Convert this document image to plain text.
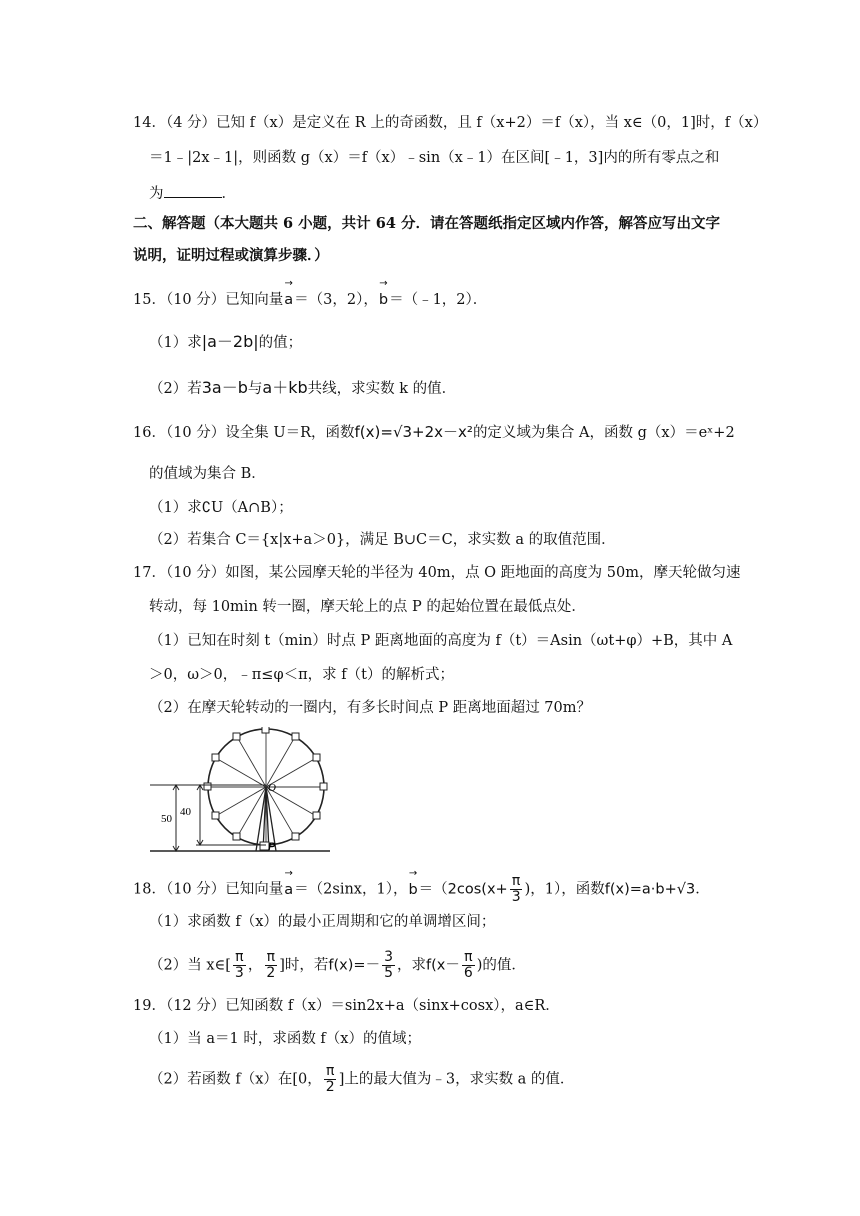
14．（4 分）已知 f（x）是定义在 R 上的奇函数，且 f（x+2）＝f（x），当 x∈（0，1]时，f（x）
＝1﹣|2x﹣1|，则函数 g（x）＝f（x）﹣sin（x﹣1）在区间[﹣1，3]内的所有零点之和
为	．
二、解答题（本大题共 6 小题，共计 64 分．请在答题纸指定区域内作答，解答应写出文字
说明，证明过程或演算步骤．）
15．（10 分）已知向量→ a＝（3，2），→ b＝（﹣1，2）．
（1）求|a－2b|的值；
（2）若3a－b与a＋kb共线，求实数 k 的值．
16．（10 分）设全集 U＝R，函数f(x)=√3+2x－x²的定义域为集合 A，函数 g（x）＝eˣ+2
的值域为集合 B．
（1）求∁U（A∩B）；
（2）若集合 C＝{x|x+a＞0}，满足 B∪C＝C，求实数 a 的取值范围．
17．（10 分）如图，某公园摩天轮的半径为 40m，点 O 距地面的高度为 50m，摩天轮做匀速
转动，每 10min 转一圈，摩天轮上的点 P 的起始位置在最低点处．
（1）已知在时刻 t（min）时点 P 距离地面的高度为 f（t）＝Asin（ωt+φ）+B，其中 A
＞0，ω＞0，﹣π≤φ＜π，求 f（t）的解析式；
（2）在摩天轮转动的一圈内，有多长时间点 P 距离地面超过 70m？
50
40
O
P
18．（10 分）已知向量→ a＝（2sinx，1），→ $b=(2\cos(x+ \frac{\pi}{3}$ )，1），函数f(x)=a·b+√3．
（1）求函数 f（x）的最小正周期和它的单调增区间；
（2）当 x∈[ $\frac{\pi}{3}$ ， $\frac{\pi}{2}$ ]时，若$f(x)=- \frac{3}{5}$ ，求$f(x- \frac{\pi}{6}$ )的值．
19．（12 分）已知函数 f（x）＝sin2x+a（sinx+cosx），a∈R．
（1）当 a＝1 时，求函数 f（x）的值域；
（2）若函数 f（x）在[0， $\frac{\pi}{2}$ ]上的最大值为﹣3，求实数 a 的值．
